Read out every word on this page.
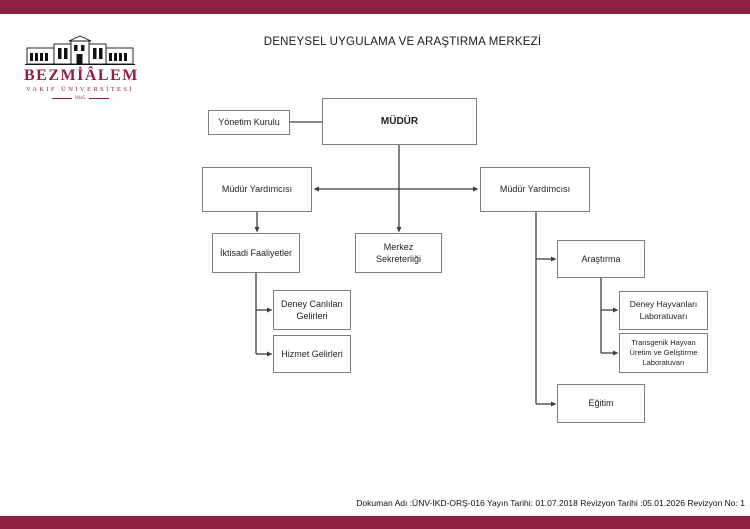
BEZMİÂLEM
VAKIF ÜNİVERSİTESİ
1845
DENEYSEL UYGULAMA VE ARAŞTIRMA MERKEZİ
Yönetim Kurulu	MÜDÜR
Müdür Yardımcısı	Müdür Yardımcısı
Merkez Sekreterliği
İktisadi Faaliyetler
Deney Canlıları Gelirleri
Hizmet Gelirleri
Araştırma
Deney Hayvanları Laboratuvarı
Transgenik Hayvan Üretim ve Geliştirme Laboratuvarı
Eğitim
Dokuman Adı :ÜNV-İKD-ORŞ-016 Yayın Tarihi: 01.07.2018 Revizyon Tarihi :05.01.2026 Revizyon No: 1
